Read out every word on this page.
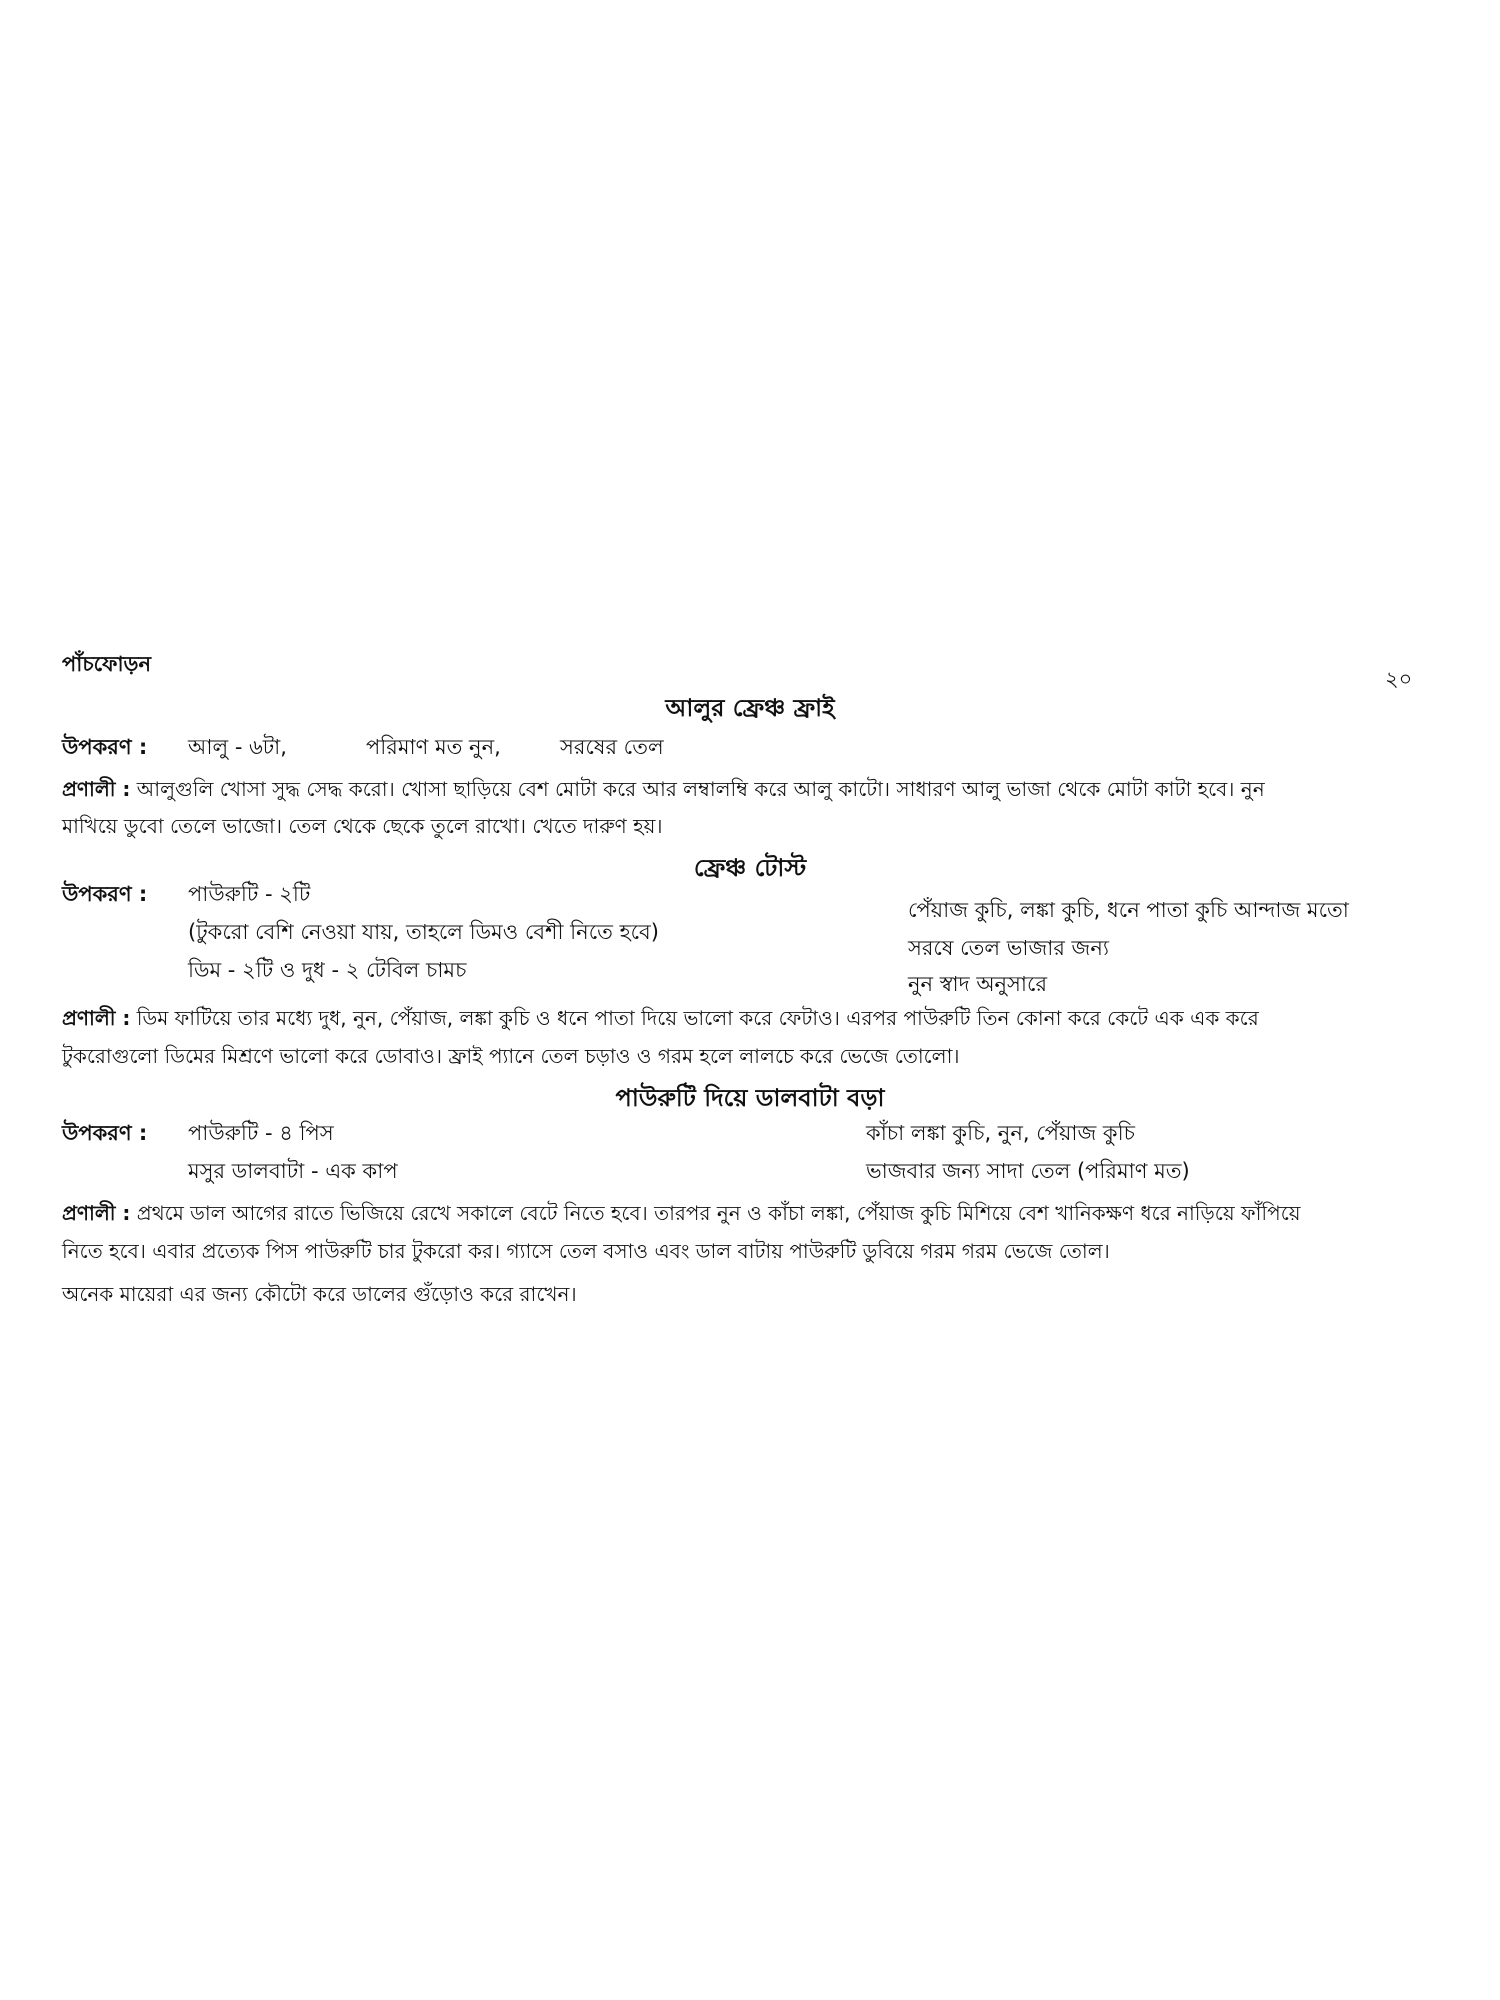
পাঁচফোড়ন
২০
আলুর ফ্রেঞ্চ ফ্রাই
উপকরণ : আলু - ৬টা,	পরিমাণ মত নুন,	সরষের তেল
প্রণালী : আলুগুলি খোসা সুদ্ধ সেদ্ধ করো। খোসা ছাড়িয়ে বেশ মোটা করে আর লম্বালম্বি করে আলু কাটো। সাধারণ আলু ভাজা থেকে মোটা কাটা হবে। নুন
মাখিয়ে ডুবো তেলে ভাজো। তেল থেকে ছেকে তুলে রাখো। খেতে দারুণ হয়।
ফ্রেঞ্চ টোস্ট
উপকরণ : পাউরুটি - ২টি
(টুকরো বেশি নেওয়া যায়, তাহলে ডিমও বেশী নিতে হবে)
ডিম - ২টি ও দুধ - ২ টেবিল চামচ
পেঁয়াজ কুচি, লঙ্কা কুচি, ধনে পাতা কুচি আন্দাজ মতো
সরষে তেল ভাজার জন্য
নুন স্বাদ অনুসারে
প্রণালী : ডিম ফাটিয়ে তার মধ্যে দুধ, নুন, পেঁয়াজ, লঙ্কা কুচি ও ধনে পাতা দিয়ে ভালো করে ফেটাও। এরপর পাউরুটি তিন কোনা করে কেটে এক এক করে
টুকরোগুলো ডিমের মিশ্রণে ভালো করে ডোবাও। ফ্রাই প্যানে তেল চড়াও ও গরম হলে লালচে করে ভেজে তোলো।
পাউরুটি দিয়ে ডালবাটা বড়া
উপকরণ : পাউরুটি - ৪ পিস
মসুর ডালবাটা - এক কাপ
কাঁচা লঙ্কা কুচি, নুন, পেঁয়াজ কুচি
ভাজবার জন্য সাদা তেল (পরিমাণ মত)
প্রণালী : প্রথমে ডাল আগের রাতে ভিজিয়ে রেখে সকালে বেটে নিতে হবে। তারপর নুন ও কাঁচা লঙ্কা, পেঁয়াজ কুচি মিশিয়ে বেশ খানিকক্ষণ ধরে নাড়িয়ে ফাঁপিয়ে
নিতে হবে। এবার প্রত্যেক পিস পাউরুটি চার টুকরো কর। গ্যাসে তেল বসাও এবং ডাল বাটায় পাউরুটি ডুবিয়ে গরম গরম ভেজে তোল।
অনেক মায়েরা এর জন্য কৌটো করে ডালের গুঁড়োও করে রাখেন।
